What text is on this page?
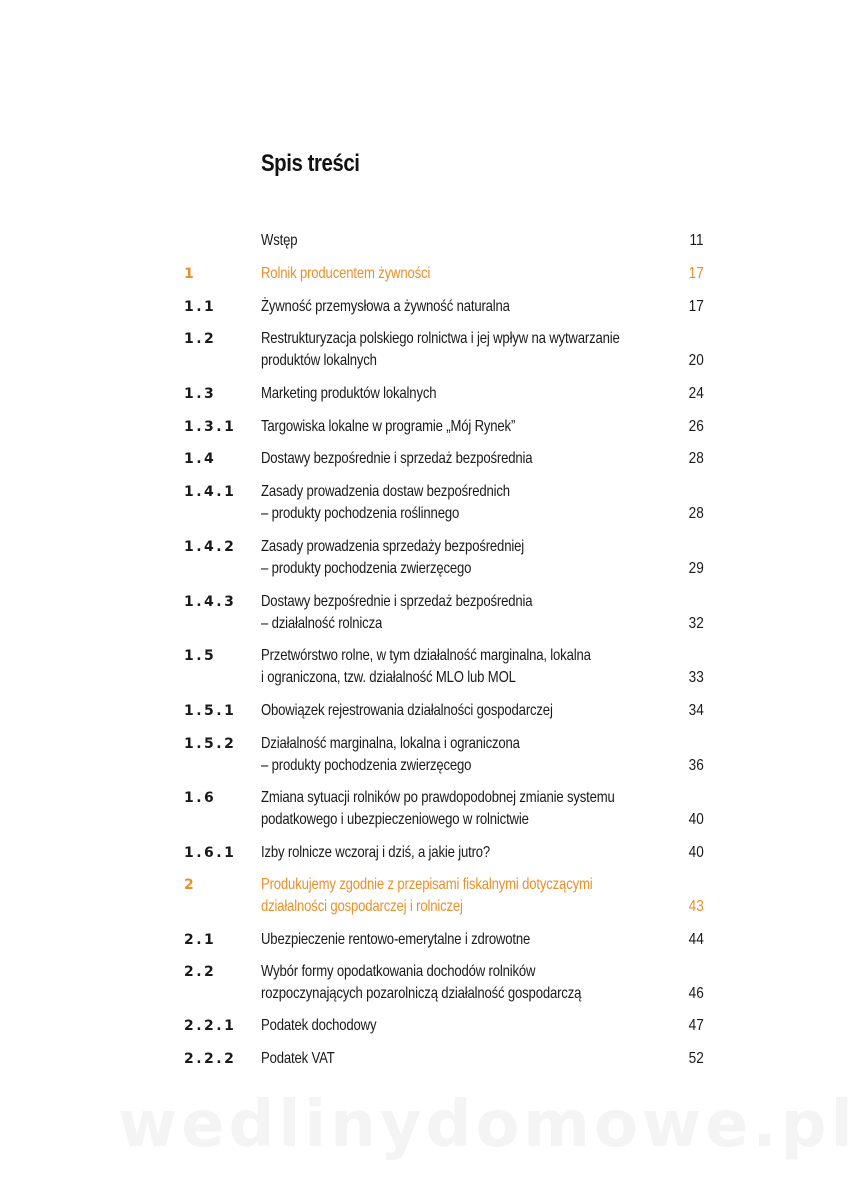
Spis treści
Wstęp	11
1	Rolnik producentem żywności	17
1.1	Żywność przemysłowa a żywność naturalna	17
1.2	Restrukturyzacja polskiego rolnictwa i jej wpływ na wytwarzanie
produktów lokalnych	20
1.3	Marketing produktów lokalnych	24
1.3.1 Targowiska lokalne w programie „Mój Rynek”	26
1.4	Dostawy bezpośrednie i sprzedaż bezpośrednia	28
1.4.1 Zasady prowadzenia dostaw bezpośrednich
– produkty pochodzenia roślinnego	28
1.4.2 Zasady prowadzenia sprzedaży bezpośredniej
– produkty pochodzenia zwierzęcego	29
1.4.3 Dostawy bezpośrednie i sprzedaż bezpośrednia
– działalność rolnicza	32
1.5	Przetwórstwo rolne, w tym działalność marginalna, lokalna
i ograniczona, tzw. działalność MLO lub MOL	33
1.5.1 Obowiązek rejestrowania działalności gospodarczej	34
1.5.2 Działalność marginalna, lokalna i ograniczona
– produkty pochodzenia zwierzęcego	36
1.6	Zmiana sytuacji rolników po prawdopodobnej zmianie systemu
podatkowego i ubezpieczeniowego w rolnictwie	40
1.6.1 Izby rolnicze wczoraj i dziś, a jakie jutro?	40
2	Produkujemy zgodnie z przepisami fiskalnymi dotyczącymi
działalności gospodarczej i rolniczej	43
2.1	Ubezpieczenie rentowo-emerytalne i zdrowotne	44
2.2	Wybór formy opodatkowania dochodów rolników
rozpoczynających pozarolniczą działalność gospodarczą	46
2.2.1 Podatek dochodowy	47
2.2.2 Podatek VAT	52
wedlinydomowe.pl
